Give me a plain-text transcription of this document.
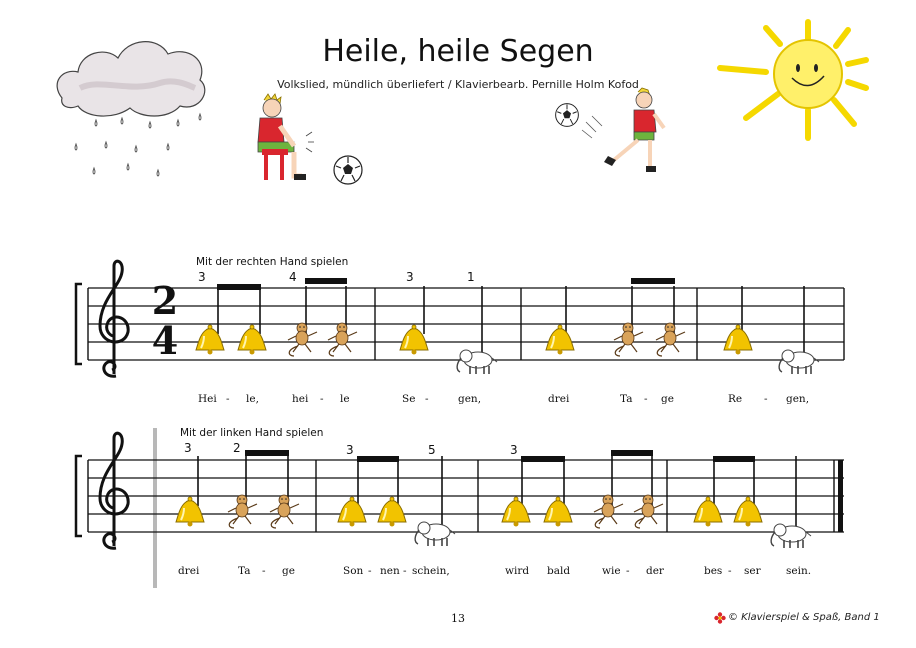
Heile, heile Segen
Volkslied, mündlich überliefert / Klavierbearb. Pernille Holm Kofod
2
4
Mit der rechten Hand spielen
3	4	3	1
Hei - le,	hei - le	Se -	gen,	drei	Ta - ge	Re - gen,
Mit der linken Hand spielen
3	2	3	5	3
drei	Ta - ge	Son - nen - schein,	wird bald	wie - der	bes - ser sein.
13	© Klavierspiel & Spaß, Band 1
